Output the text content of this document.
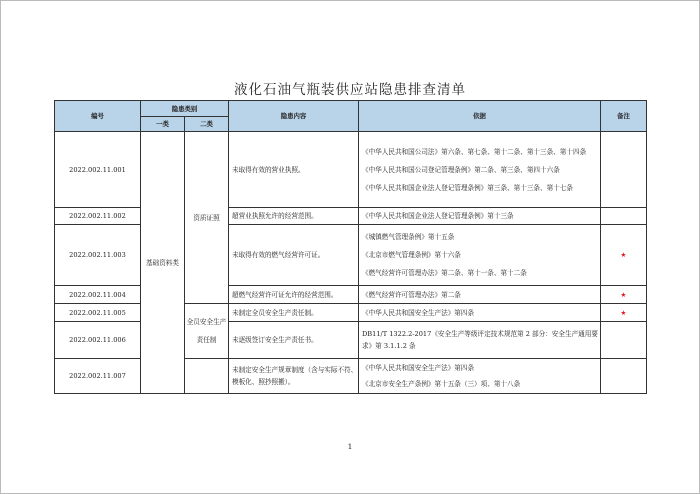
液化石油气瓶装供应站隐患排查清单
编号	隐患类别		隐患内容	依据	备注
	一类	二类			
2022.002.11.001	基础资料类	资质证照	未取得有效的营业执照。	《中华人民共和国公司法》第六条、第七条、第十二条、第十三条、第十四条
《中华人民共和国公司登记管理条例》第二条、第三条、第四十六条
《中华人民共和国企业法人登记管理条例》第三条、第十三条、第十七条	

2022.002.11.002			超营业执照允许的经营范围。	《中华人民共和国企业法人登记管理条例》第十三条	
2022.002.11.003			未取得有效的燃气经营许可证。	《城镇燃气管理条例》第十五条
《北京市燃气管理条例》第十六条
《燃气经营许可管理办法》第二条、第十一条、第十二条	★
2022.002.11.004			超燃气经营许可证允许的经营范围。	《燃气经营许可管理办法》第二条	★
2022.002.11.005		全员安全生产责任制	未制定全员安全生产责任制。	《中华人民共和国安全生产法》第四条	★
2022.002.11.006			未逐级签订安全生产责任书。	DB11/T 1322.2-2017《安全生产等级评定技术规范第 2 部分：安全生产通用要求》第 3.1.1.2 条	
2022.002.11.007			未制定安全生产规章制度（含与实际不符、模板化、照抄照搬）。	《中华人民共和国安全生产法》第四条
《北京市安全生产条例》第十五条（三）项、第十八条	

1
